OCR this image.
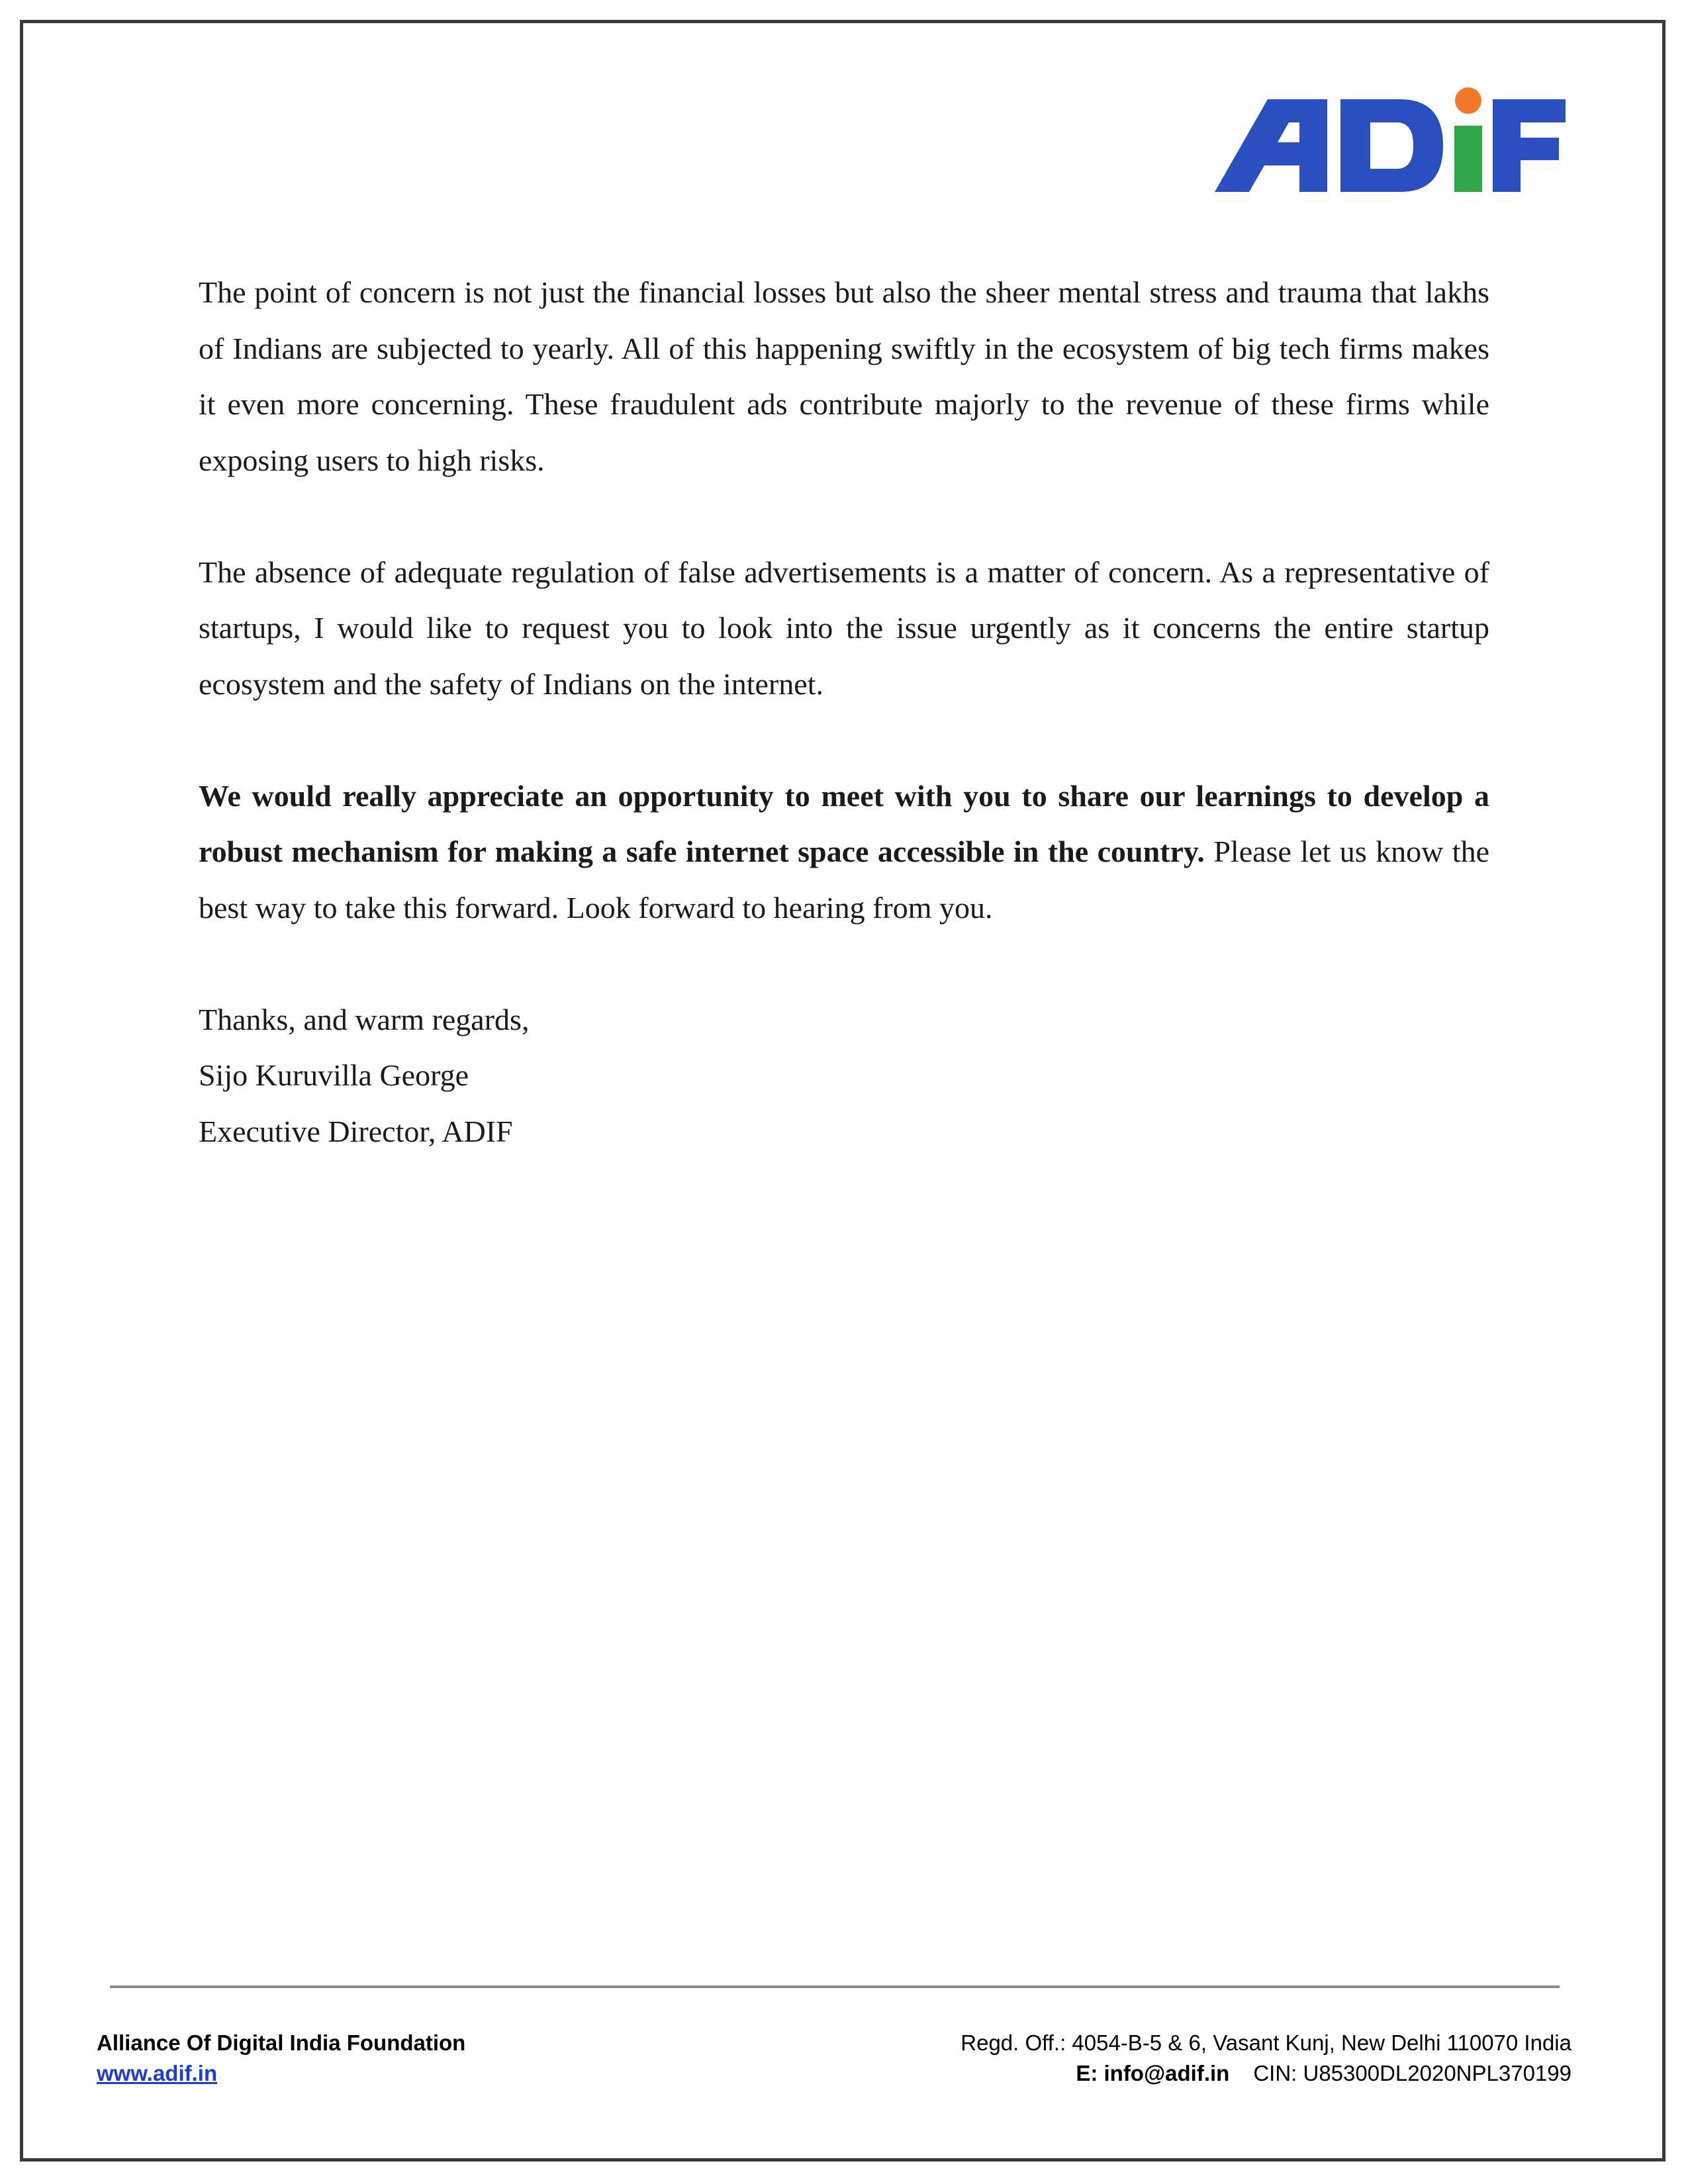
The point of concern is not just the financial losses but also the sheer mental stress and trauma that lakhs of Indians are subjected to yearly. All of this happening swiftly in the ecosystem of big tech firms makes it even more concerning. These fraudulent ads contribute majorly to the revenue of these firms while exposing users to high risks.

The absence of adequate regulation of false advertisements is a matter of concern. As a representative of startups, I would like to request you to look into the issue urgently as it concerns the entire startup ecosystem and the safety of Indians on the internet.

We would really appreciate an opportunity to meet with you to share our learnings to develop a robust mechanism for making a safe internet space accessible in the country. Please let us know the best way to take this forward. Look forward to hearing from you.

Thanks, and warm regards,

Sijo Kuruvilla George

Executive Director, ADIF

Alliance Of Digital India Foundation
www.adif.in
Regd. Off.: 4054-B-5 & 6, Vasant Kunj, New Delhi 110070 India
E: info@adif.in CIN: U85300DL2020NPL370199
